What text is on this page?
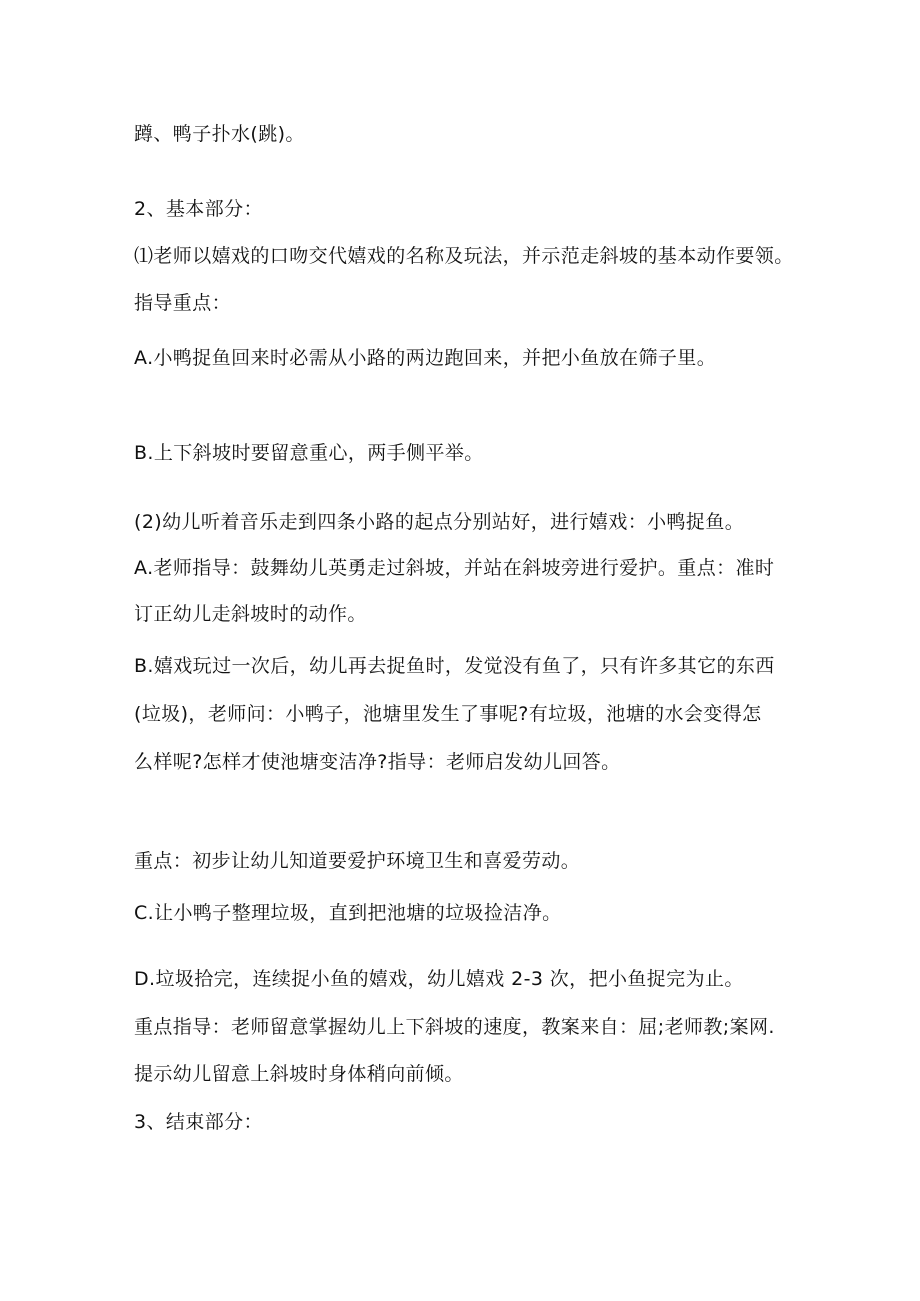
蹲、鸭子扑水(跳)。
2、基本部分：
⑴老师以嬉戏的口吻交代嬉戏的名称及玩法，并示范走斜坡的基本动作要领。
指导重点：
A.小鸭捉鱼回来时必需从小路的两边跑回来，并把小鱼放在筛子里。
B.上下斜坡时要留意重心，两手侧平举。
(2)幼儿听着音乐走到四条小路的起点分别站好，进行嬉戏：小鸭捉鱼。
A.老师指导：鼓舞幼儿英勇走过斜坡，并站在斜坡旁进行爱护。重点：准时
订正幼儿走斜坡时的动作。
B.嬉戏玩过一次后，幼儿再去捉鱼时，发觉没有鱼了，只有许多其它的东西
(垃圾)，老师问：小鸭子，池塘里发生了事呢?有垃圾，池塘的水会变得怎
么样呢?怎样才使池塘变洁净?指导：老师启发幼儿回答。
重点：初步让幼儿知道要爱护环境卫生和喜爱劳动。
C.让小鸭子整理垃圾，直到把池塘的垃圾捡洁净。
D.垃圾拾完，连续捉小鱼的嬉戏，幼儿嬉戏 2-3 次，把小鱼捉完为止。
重点指导：老师留意掌握幼儿上下斜坡的速度，教案来自：屈;老师教;案网.
提示幼儿留意上斜坡时身体稍向前倾。
3、结束部分：
